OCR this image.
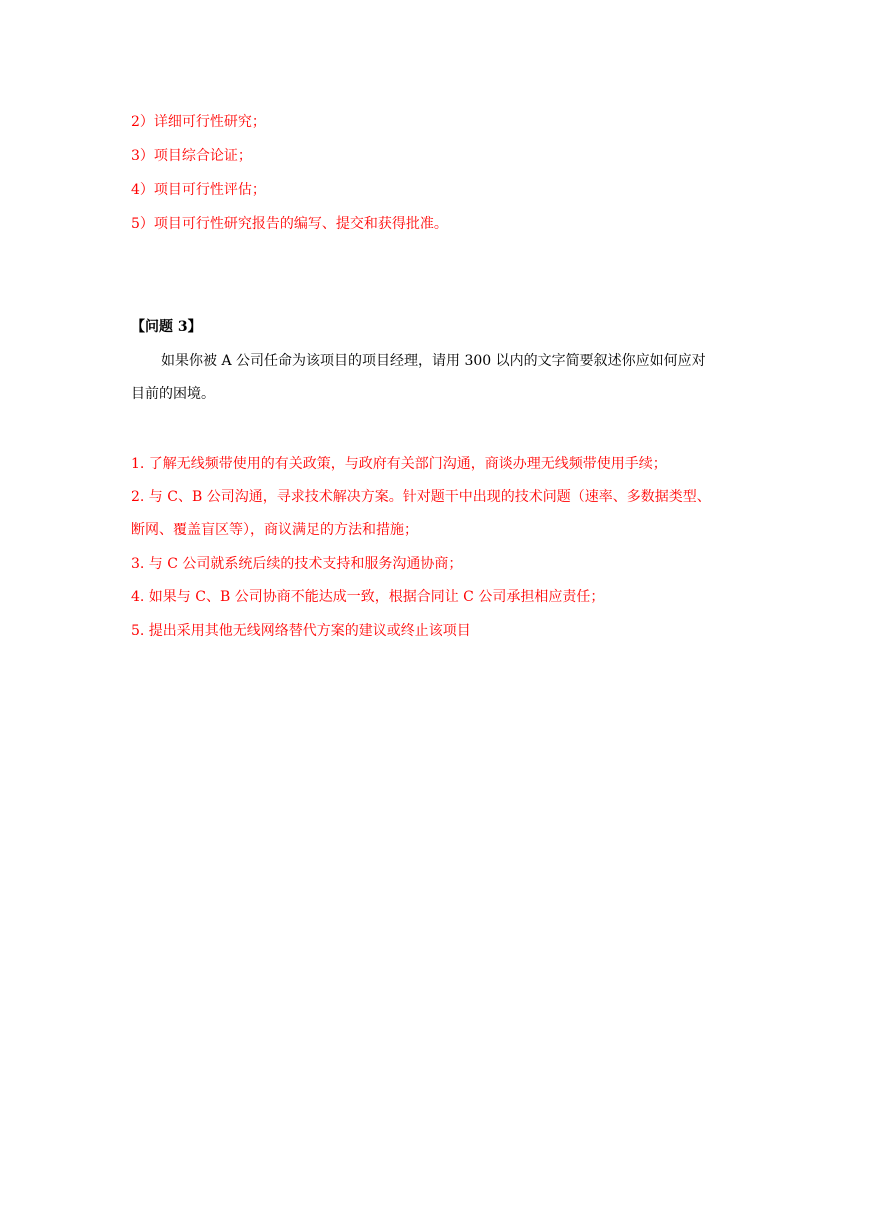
2）详细可行性研究；
3）项目综合论证；
4）项目可行性评估；
5）项目可行性研究报告的编写、提交和获得批准。
【问题 3】
如果你被 A 公司任命为该项目的项目经理，请用 300 以内的文字简要叙述你应如何应对
目前的困境。
1. 了解无线频带使用的有关政策，与政府有关部门沟通，商谈办理无线频带使用手续；
2. 与 C、B 公司沟通，寻求技术解决方案。针对题干中出现的技术问题（速率、多数据类型、
断网、覆盖盲区等），商议满足的方法和措施；
3. 与 C 公司就系统后续的技术支持和服务沟通协商；
4. 如果与 C、B 公司协商不能达成一致，根据合同让 C 公司承担相应责任；
5. 提出采用其他无线网络替代方案的建议或终止该项目
